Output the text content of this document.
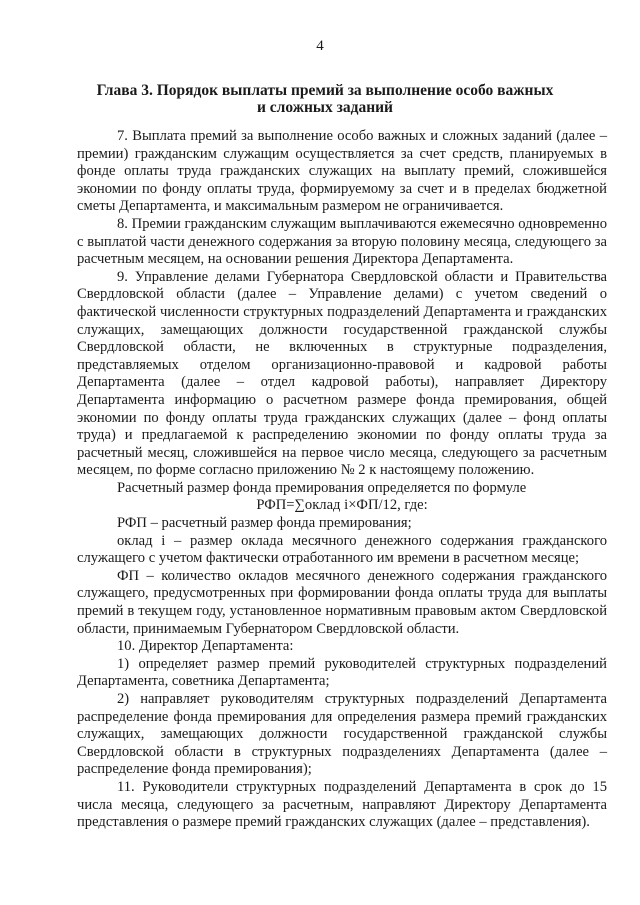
4
Глава 3. Порядок выплаты премий за выполнение особо важных
и сложных заданий

7. Выплата премий за выполнение особо важных и сложных заданий (далее – премии) гражданским служащим осуществляется за счет средств, планируемых в фонде оплаты труда гражданских служащих на выплату премий, сложившейся экономии по фонду оплаты труда, формируемому за счет и в пределах бюджетной сметы Департамента, и максимальным размером не ограничивается.

8. Премии гражданским служащим выплачиваются ежемесячно одновременно с выплатой части денежного содержания за вторую половину месяца, следующего за расчетным месяцем, на основании решения Директора Департамента.

9. Управление делами Губернатора Свердловской области и Правительства Свердловской области (далее – Управление делами) с учетом сведений о фактической численности структурных подразделений Департамента и гражданских служащих, замещающих должности государственной гражданской службы Свердловской области, не включенных в структурные подразделения, представляемых отделом организационно-правовой и кадровой работы Департамента (далее – отдел кадровой работы), направляет Директору Департамента информацию о расчетном размере фонда премирования, общей экономии по фонду оплаты труда гражданских служащих (далее – фонд оплаты труда) и предлагаемой к распределению экономии по фонду оплаты труда за расчетный месяц, сложившейся на первое число месяца, следующего за расчетным месяцем, по форме согласно приложению № 2 к настоящему положению.

Расчетный размер фонда премирования определяется по формуле

РФП=∑оклад i×ФП/12, где:

РФП – расчетный размер фонда премирования;

оклад i – размер оклада месячного денежного содержания гражданского служащего с учетом фактически отработанного им времени в расчетном месяце;

ФП – количество окладов месячного денежного содержания гражданского служащего, предусмотренных при формировании фонда оплаты труда для выплаты премий в текущем году, установленное нормативным правовым актом Свердловской области, принимаемым Губернатором Свердловской области.

10. Директор Департамента:

1) определяет размер премий руководителей структурных подразделений Департамента, советника Департамента;

2) направляет руководителям структурных подразделений Департамента распределение фонда премирования для определения размера премий гражданских служащих, замещающих должности государственной гражданской службы Свердловской области в структурных подразделениях Департамента (далее – распределение фонда премирования);

11. Руководители структурных подразделений Департамента в срок до 15 числа месяца, следующего за расчетным, направляют Директору Департамента представления о размере премий гражданских служащих (далее – представления).
